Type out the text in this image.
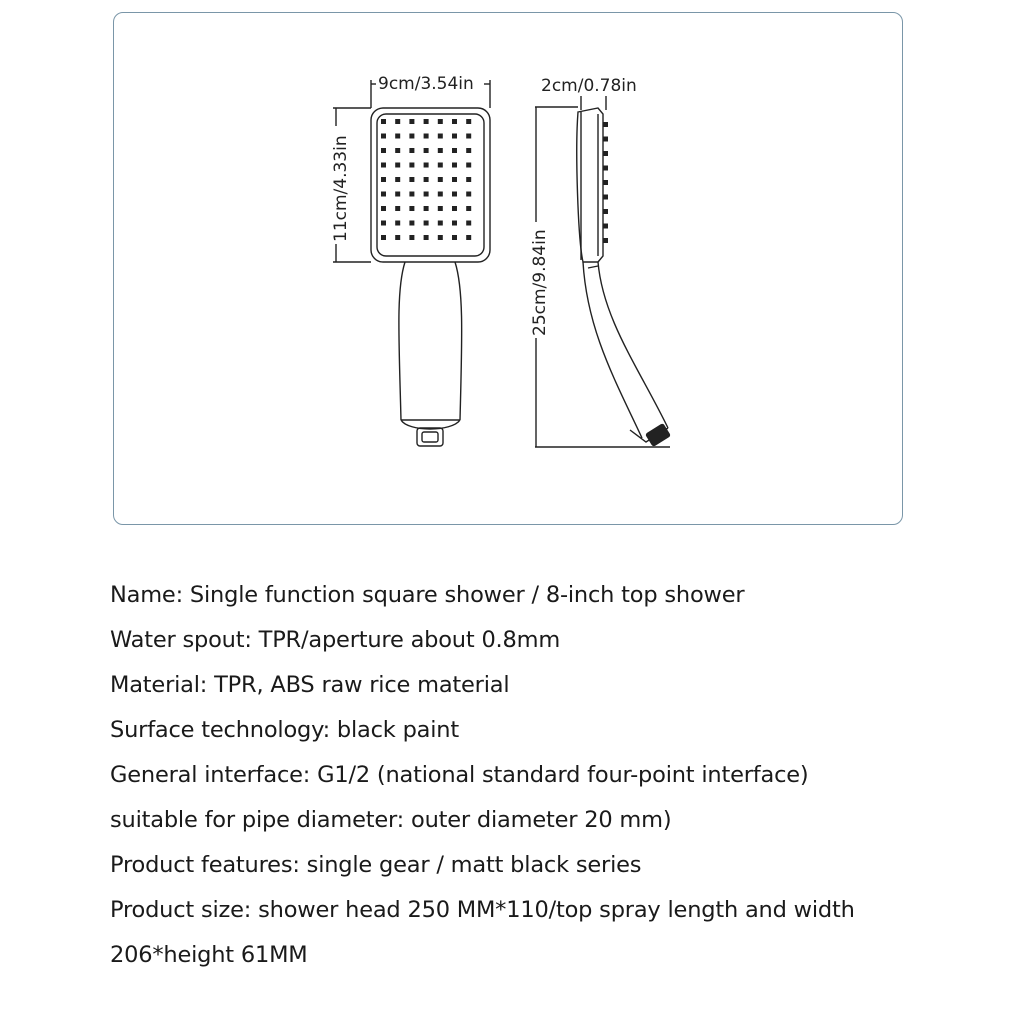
9cm/3.54in
11cm/4.33in
2cm/0.78in
25cm/9.84in
Name: Single function square shower / 8-inch top shower
Water spout: TPR/aperture about 0.8mm
Material: TPR, ABS raw rice material
Surface technology: black paint
General interface: G1/2 (national standard four-point interface)
suitable for pipe diameter: outer diameter 20 mm)
Product features: single gear / matt black series
Product size: shower head 250 MM*110/top spray length and width
206*height 61MM
